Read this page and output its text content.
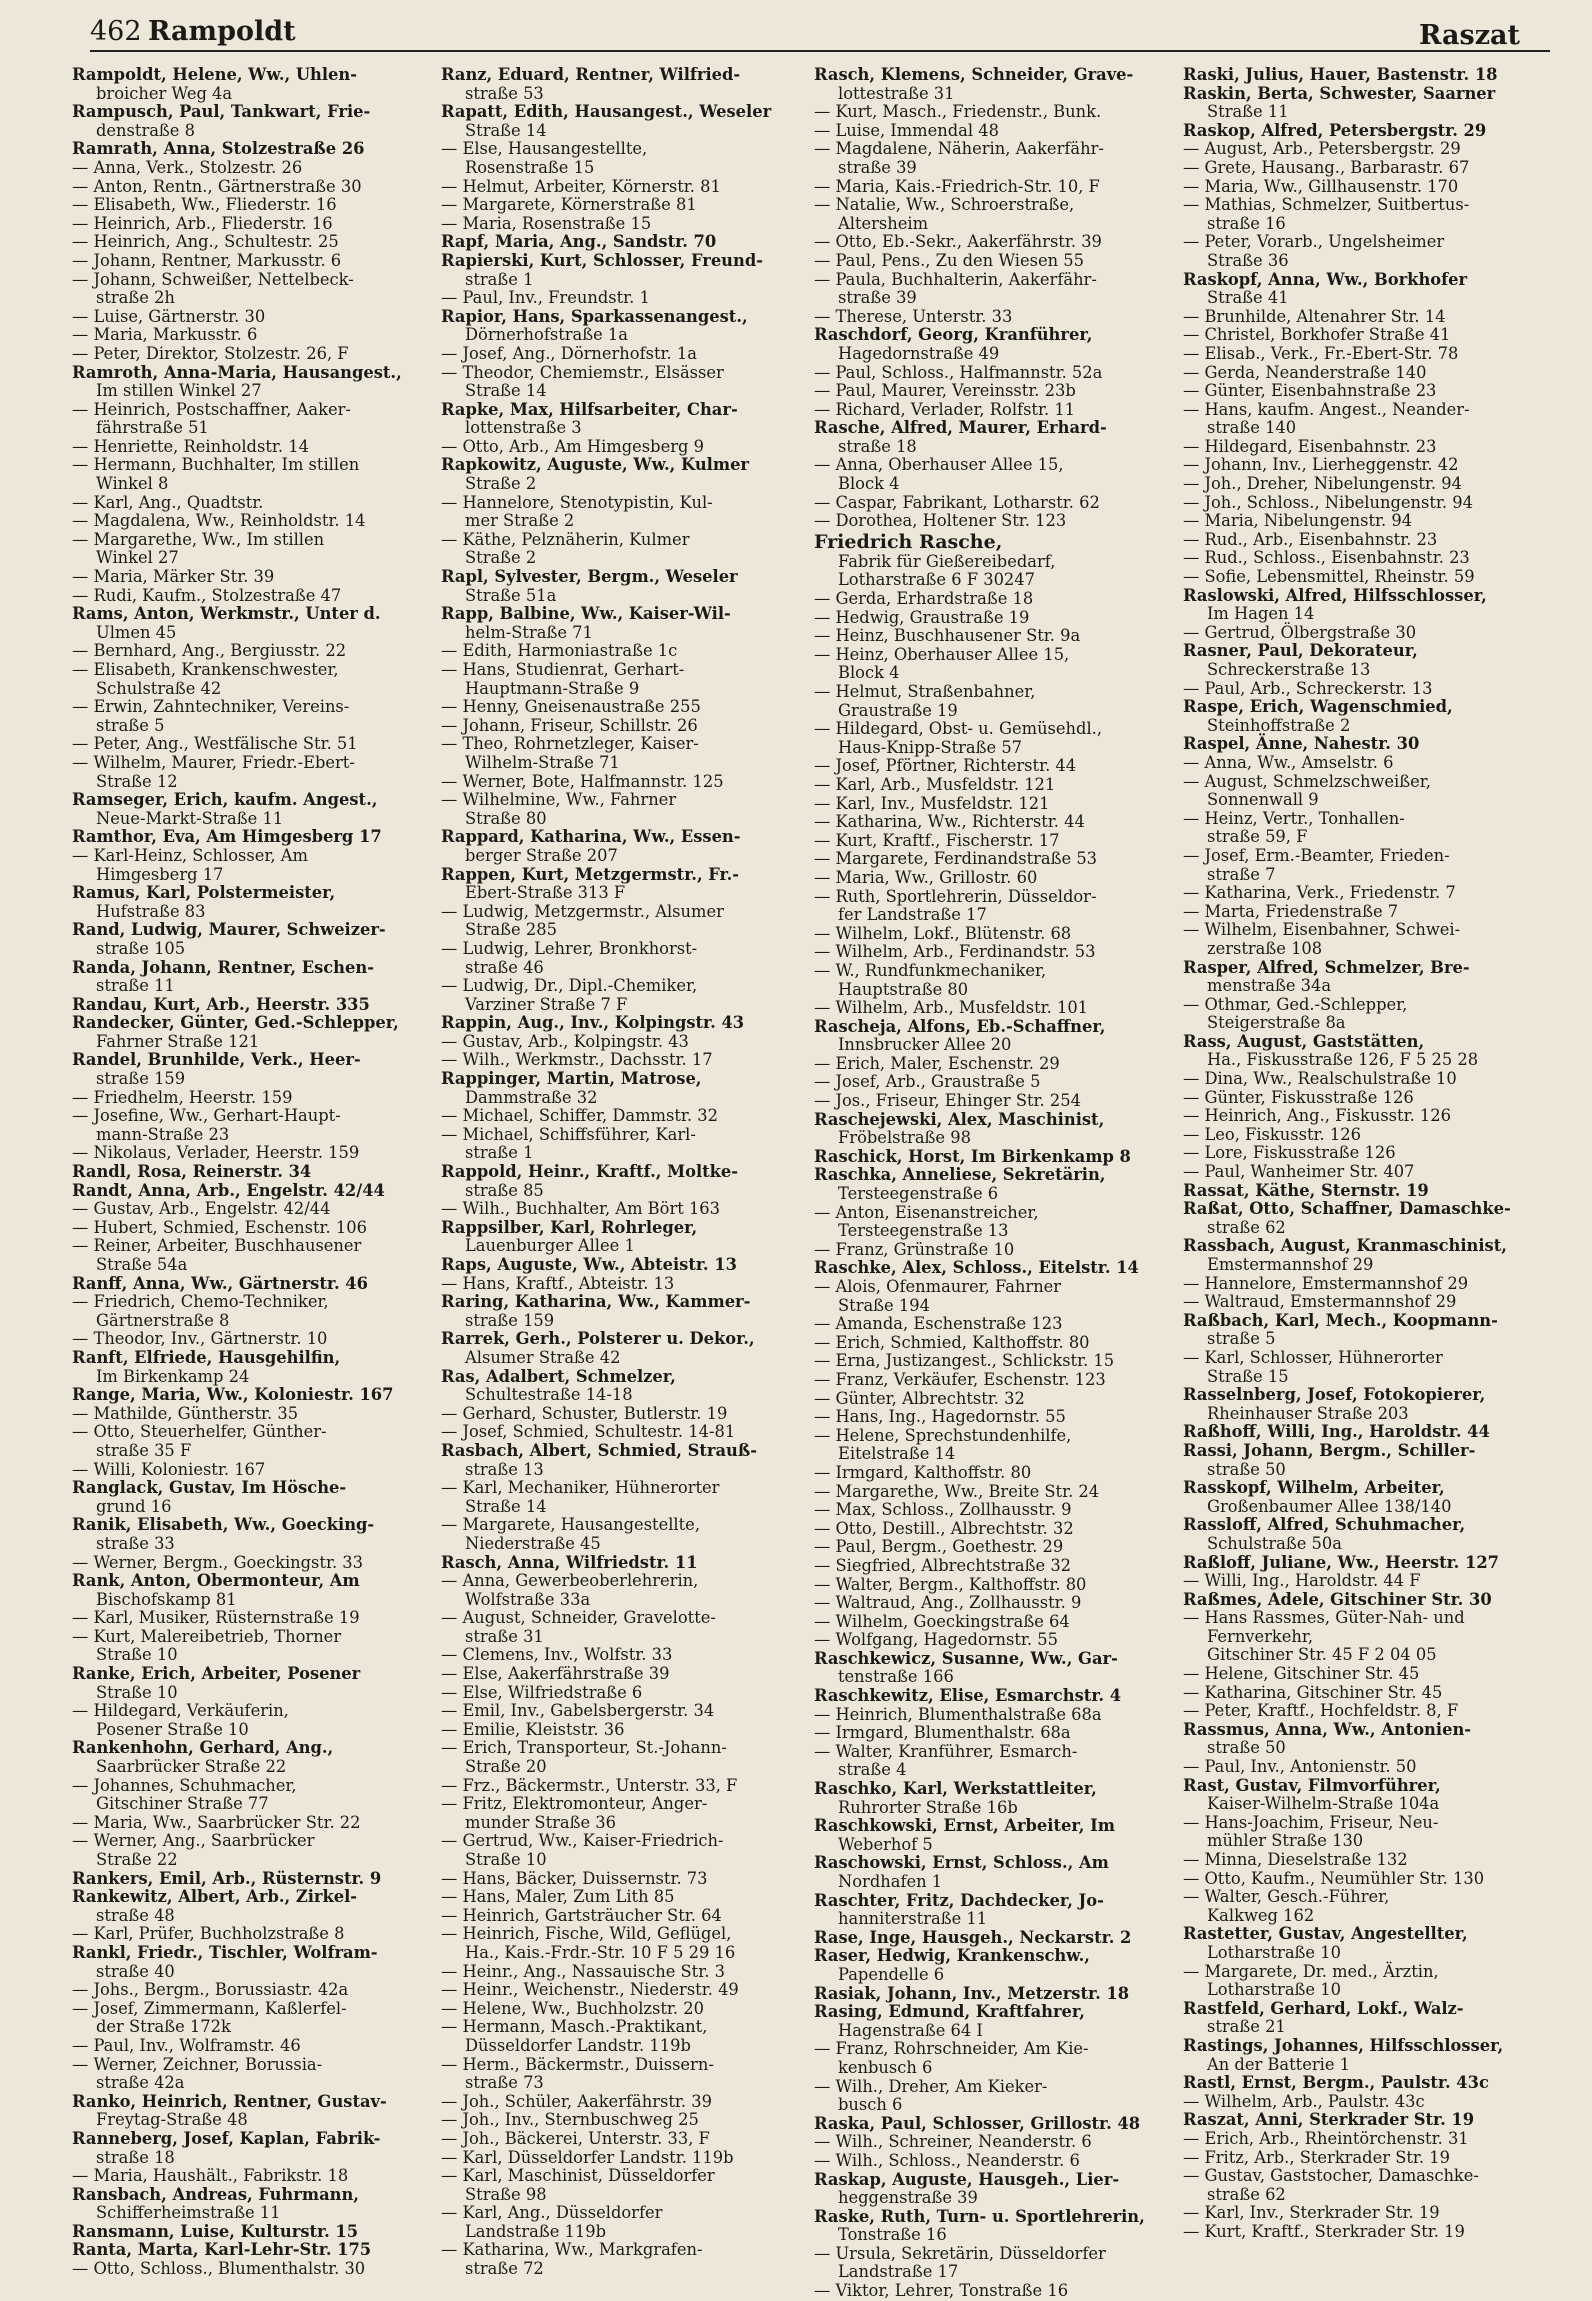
462 Rampoldt	Raszat
Rampoldt, Helene, Ww., Uhlen-
broicher Weg 4a
Rampusch, Paul, Tankwart, Frie-
denstraße 8
Ramrath, Anna, Stolzestraße 26
— Anna, Verk., Stolzestr. 26
— Anton, Rentn., Gärtnerstraße 30
— Elisabeth, Ww., Fliederstr. 16
— Heinrich, Arb., Fliederstr. 16
— Heinrich, Ang., Schultestr. 25
— Johann, Rentner, Markusstr. 6
— Johann, Schweißer, Nettelbeck-
straße 2h
— Luise, Gärtnerstr. 30
— Maria, Markusstr. 6
— Peter, Direktor, Stolzestr. 26, F
Ramroth, Anna-Maria, Hausangest.,
Im stillen Winkel 27
— Heinrich, Postschaffner, Aaker-
fährstraße 51
— Henriette, Reinholdstr. 14
— Hermann, Buchhalter, Im stillen
Winkel 8
— Karl, Ang., Quadtstr.
— Magdalena, Ww., Reinholdstr. 14
— Margarethe, Ww., Im stillen
Winkel 27
— Maria, Märker Str. 39
— Rudi, Kaufm., Stolzestraße 47
Rams, Anton, Werkmstr., Unter d.
Ulmen 45
— Bernhard, Ang., Bergiusstr. 22
— Elisabeth, Krankenschwester,
Schulstraße 42
— Erwin, Zahntechniker, Vereins-
straße 5
— Peter, Ang., Westfälische Str. 51
— Wilhelm, Maurer, Friedr.-Ebert-
Straße 12
Ramseger, Erich, kaufm. Angest.,
Neue-Markt-Straße 11
Ramthor, Eva, Am Himgesberg 17
— Karl-Heinz, Schlosser, Am
Himgesberg 17
Ramus, Karl, Polstermeister,
Hufstraße 83
Rand, Ludwig, Maurer, Schweizer-
straße 105
Randa, Johann, Rentner, Eschen-
straße 11
Randau, Kurt, Arb., Heerstr. 335
Randecker, Günter, Ged.-Schlepper,
Fahrner Straße 121
Randel, Brunhilde, Verk., Heer-
straße 159
— Friedhelm, Heerstr. 159
— Josefine, Ww., Gerhart-Haupt-
mann-Straße 23
— Nikolaus, Verlader, Heerstr. 159
Randl, Rosa, Reinerstr. 34
Randt, Anna, Arb., Engelstr. 42/44
— Gustav, Arb., Engelstr. 42/44
— Hubert, Schmied, Eschenstr. 106
— Reiner, Arbeiter, Buschhausener
Straße 54a
Ranff, Anna, Ww., Gärtnerstr. 46
— Friedrich, Chemo-Techniker,
Gärtnerstraße 8
— Theodor, Inv., Gärtnerstr. 10
Ranft, Elfriede, Hausgehilfin,
Im Birkenkamp 24
Range, Maria, Ww., Koloniestr. 167
— Mathilde, Güntherstr. 35
— Otto, Steuerhelfer, Günther-
straße 35 F
— Willi, Koloniestr. 167
Ranglack, Gustav, Im Hösche-
grund 16
Ranik, Elisabeth, Ww., Goecking-
straße 33
— Werner, Bergm., Goeckingstr. 33
Rank, Anton, Obermonteur, Am
Bischofskamp 81
— Karl, Musiker, Rüsternstraße 19
— Kurt, Malereibetrieb, Thorner
Straße 10
Ranke, Erich, Arbeiter, Posener
Straße 10
— Hildegard, Verkäuferin,
Posener Straße 10
Rankenhohn, Gerhard, Ang.,
Saarbrücker Straße 22
— Johannes, Schuhmacher,
Gitschiner Straße 77
— Maria, Ww., Saarbrücker Str. 22
— Werner, Ang., Saarbrücker
Straße 22
Rankers, Emil, Arb., Rüsternstr. 9
Rankewitz, Albert, Arb., Zirkel-
straße 48
— Karl, Prüfer, Buchholzstraße 8
Rankl, Friedr., Tischler, Wolfram-
straße 40
— Johs., Bergm., Borussiastr. 42a
— Josef, Zimmermann, Kaßlerfel-
der Straße 172k
— Paul, Inv., Wolframstr. 46
— Werner, Zeichner, Borussia-
straße 42a
Ranko, Heinrich, Rentner, Gustav-
Freytag-Straße 48
Ranneberg, Josef, Kaplan, Fabrik-
straße 18
— Maria, Haushält., Fabrikstr. 18
Ransbach, Andreas, Fuhrmann,
Schifferheimstraße 11
Ransmann, Luise, Kulturstr. 15
Ranta, Marta, Karl-Lehr-Str. 175
— Otto, Schloss., Blumenthalstr. 30
Ranz, Eduard, Rentner, Wilfried-
straße 53
Rapatt, Edith, Hausangest., Weseler
Straße 14
— Else, Hausangestellte,
Rosenstraße 15
— Helmut, Arbeiter, Körnerstr. 81
— Margarete, Körnerstraße 81
— Maria, Rosenstraße 15
Rapf, Maria, Ang., Sandstr. 70
Rapierski, Kurt, Schlosser, Freund-
straße 1
— Paul, Inv., Freundstr. 1
Rapior, Hans, Sparkassenangest.,
Dörnerhofstraße 1a
— Josef, Ang., Dörnerhofstr. 1a
— Theodor, Chemiemstr., Elsässer
Straße 14
Rapke, Max, Hilfsarbeiter, Char-
lottenstraße 3
— Otto, Arb., Am Himgesberg 9
Rapkowitz, Auguste, Ww., Kulmer
Straße 2
— Hannelore, Stenotypistin, Kul-
mer Straße 2
— Käthe, Pelznäherin, Kulmer
Straße 2
Rapl, Sylvester, Bergm., Weseler
Straße 51a
Rapp, Balbine, Ww., Kaiser-Wil-
helm-Straße 71
— Edith, Harmoniastraße 1c
— Hans, Studienrat, Gerhart-
Hauptmann-Straße 9
— Henny, Gneisenaustraße 255
— Johann, Friseur, Schillstr. 26
— Theo, Rohrnetzleger, Kaiser-
Wilhelm-Straße 71
— Werner, Bote, Halfmannstr. 125
— Wilhelmine, Ww., Fahrner
Straße 80
Rappard, Katharina, Ww., Essen-
berger Straße 207
Rappen, Kurt, Metzgermstr., Fr.-
Ebert-Straße 313 F
— Ludwig, Metzgermstr., Alsumer
Straße 285
— Ludwig, Lehrer, Bronkhorst-
straße 46
— Ludwig, Dr., Dipl.-Chemiker,
Varziner Straße 7 F
Rappin, Aug., Inv., Kolpingstr. 43
— Gustav, Arb., Kolpingstr. 43
— Wilh., Werkmstr., Dachsstr. 17
Rappinger, Martin, Matrose,
Dammstraße 32
— Michael, Schiffer, Dammstr. 32
— Michael, Schiffsführer, Karl-
straße 1
Rappold, Heinr., Kraftf., Moltke-
straße 85
— Wilh., Buchhalter, Am Bört 163
Rappsilber, Karl, Rohrleger,
Lauenburger Allee 1
Raps, Auguste, Ww., Abteistr. 13
— Hans, Kraftf., Abteistr. 13
Raring, Katharina, Ww., Kammer-
straße 159
Rarrek, Gerh., Polsterer u. Dekor.,
Alsumer Straße 42
Ras, Adalbert, Schmelzer,
Schultestraße 14-18
— Gerhard, Schuster, Butlerstr. 19
— Josef, Schmied, Schultestr. 14-81
Rasbach, Albert, Schmied, Strauß-
straße 13
— Karl, Mechaniker, Hühnerorter
Straße 14
— Margarete, Hausangestellte,
Niederstraße 45
Rasch, Anna, Wilfriedstr. 11
— Anna, Gewerbeoberlehrerin,
Wolfstraße 33a
— August, Schneider, Gravelotte-
straße 31
— Clemens, Inv., Wolfstr. 33
— Else, Aakerfährstraße 39
— Else, Wilfriedstraße 6
— Emil, Inv., Gabelsbergerstr. 34
— Emilie, Kleiststr. 36
— Erich, Transporteur, St.-Johann-
Straße 20
— Frz., Bäckermstr., Unterstr. 33, F
— Fritz, Elektromonteur, Anger-
munder Straße 36
— Gertrud, Ww., Kaiser-Friedrich-
Straße 10
— Hans, Bäcker, Duissernstr. 73
— Hans, Maler, Zum Lith 85
— Heinrich, Gartsträucher Str. 64
— Heinrich, Fische, Wild, Geflügel,
Ha., Kais.-Frdr.-Str. 10 F 5 29 16
— Heinr., Ang., Nassauische Str. 3
— Heinr., Weichenstr., Niederstr. 49
— Helene, Ww., Buchholzstr. 20
— Hermann, Masch.-Praktikant,
Düsseldorfer Landstr. 119b
— Herm., Bäckermstr., Duissern-
straße 73
— Joh., Schüler, Aakerfährstr. 39
— Joh., Inv., Sternbuschweg 25
— Joh., Bäckerei, Unterstr. 33, F
— Karl, Düsseldorfer Landstr. 119b
— Karl, Maschinist, Düsseldorfer
Straße 98
— Karl, Ang., Düsseldorfer
Landstraße 119b
— Katharina, Ww., Markgrafen-
straße 72
Rasch, Klemens, Schneider, Grave-
lottestraße 31
— Kurt, Masch., Friedenstr., Bunk.
— Luise, Immendal 48
— Magdalene, Näherin, Aakerfähr-
straße 39
— Maria, Kais.-Friedrich-Str. 10, F
— Natalie, Ww., Schroerstraße,
Altersheim
— Otto, Eb.-Sekr., Aakerfährstr. 39
— Paul, Pens., Zu den Wiesen 55
— Paula, Buchhalterin, Aakerfähr-
straße 39
— Therese, Unterstr. 33
Raschdorf, Georg, Kranführer,
Hagedornstraße 49
— Paul, Schloss., Halfmannstr. 52a
— Paul, Maurer, Vereinsstr. 23b
— Richard, Verlader, Rolfstr. 11
Rasche, Alfred, Maurer, Erhard-
straße 18
— Anna, Oberhauser Allee 15,
Block 4
— Caspar, Fabrikant, Lotharstr. 62
— Dorothea, Holtener Str. 123
Friedrich Rasche,
Fabrik für Gießereibedarf,
Lotharstraße 6 F 30247
— Gerda, Erhardstraße 18
— Hedwig, Graustraße 19
— Heinz, Buschhausener Str. 9a
— Heinz, Oberhauser Allee 15,
Block 4
— Helmut, Straßenbahner,
Graustraße 19
— Hildegard, Obst- u. Gemüsehdl.,
Haus-Knipp-Straße 57
— Josef, Pförtner, Richterstr. 44
— Karl, Arb., Musfeldstr. 121
— Karl, Inv., Musfeldstr. 121
— Katharina, Ww., Richterstr. 44
— Kurt, Kraftf., Fischerstr. 17
— Margarete, Ferdinandstraße 53
— Maria, Ww., Grillostr. 60
— Ruth, Sportlehrerin, Düsseldor-
fer Landstraße 17
— Wilhelm, Lokf., Blütenstr. 68
— Wilhelm, Arb., Ferdinandstr. 53
— W., Rundfunkmechaniker,
Hauptstraße 80
— Wilhelm, Arb., Musfeldstr. 101
Rascheja, Alfons, Eb.-Schaffner,
Innsbrucker Allee 20
— Erich, Maler, Eschenstr. 29
— Josef, Arb., Graustraße 5
— Jos., Friseur, Ehinger Str. 254
Raschejewski, Alex, Maschinist,
Fröbelstraße 98
Raschick, Horst, Im Birkenkamp 8
Raschka, Anneliese, Sekretärin,
Tersteegenstraße 6
— Anton, Eisenanstreicher,
Tersteegenstraße 13
— Franz, Grünstraße 10
Raschke, Alex, Schloss., Eitelstr. 14
— Alois, Ofenmaurer, Fahrner
Straße 194
— Amanda, Eschenstraße 123
— Erich, Schmied, Kalthoffstr. 80
— Erna, Justizangest., Schlickstr. 15
— Franz, Verkäufer, Eschenstr. 123
— Günter, Albrechtstr. 32
— Hans, Ing., Hagedornstr. 55
— Helene, Sprechstundenhilfe,
Eitelstraße 14
— Irmgard, Kalthoffstr. 80
— Margarethe, Ww., Breite Str. 24
— Max, Schloss., Zollhausstr. 9
— Otto, Destill., Albrechtstr. 32
— Paul, Bergm., Goethestr. 29
— Siegfried, Albrechtstraße 32
— Walter, Bergm., Kalthoffstr. 80
— Waltraud, Ang., Zollhausstr. 9
— Wilhelm, Goeckingstraße 64
— Wolfgang, Hagedornstr. 55
Raschkewicz, Susanne, Ww., Gar-
tenstraße 166
Raschkewitz, Elise, Esmarchstr. 4
— Heinrich, Blumenthalstraße 68a
— Irmgard, Blumenthalstr. 68a
— Walter, Kranführer, Esmarch-
straße 4
Raschko, Karl, Werkstattleiter,
Ruhrorter Straße 16b
Raschkowski, Ernst, Arbeiter, Im
Weberhof 5
Raschowski, Ernst, Schloss., Am
Nordhafen 1
Raschter, Fritz, Dachdecker, Jo-
hanniterstraße 11
Rase, Inge, Hausgeh., Neckarstr. 2
Raser, Hedwig, Krankenschw.,
Papendelle 6
Rasiak, Johann, Inv., Metzerstr. 18
Rasing, Edmund, Kraftfahrer,
Hagenstraße 64 I
— Franz, Rohrschneider, Am Kie-
kenbusch 6
— Wilh., Dreher, Am Kieker-
busch 6
Raska, Paul, Schlosser, Grillostr. 48
— Wilh., Schreiner, Neanderstr. 6
— Wilh., Schloss., Neanderstr. 6
Raskap, Auguste, Hausgeh., Lier-
heggenstraße 39
Raske, Ruth, Turn- u. Sportlehrerin,
Tonstraße 16
— Ursula, Sekretärin, Düsseldorfer
Landstraße 17
— Viktor, Lehrer, Tonstraße 16
Raski, Julius, Hauer, Bastenstr. 18
Raskin, Berta, Schwester, Saarner
Straße 11
Raskop, Alfred, Petersbergstr. 29
— August, Arb., Petersbergstr. 29
— Grete, Hausang., Barbarastr. 67
— Maria, Ww., Gillhausenstr. 170
— Mathias, Schmelzer, Suitbertus-
straße 16
— Peter, Vorarb., Ungelsheimer
Straße 36
Raskopf, Anna, Ww., Borkhofer
Straße 41
— Brunhilde, Altenahrer Str. 14
— Christel, Borkhofer Straße 41
— Elisab., Verk., Fr.-Ebert-Str. 78
— Gerda, Neanderstraße 140
— Günter, Eisenbahnstraße 23
— Hans, kaufm. Angest., Neander-
straße 140
— Hildegard, Eisenbahnstr. 23
— Johann, Inv., Lierheggenstr. 42
— Joh., Dreher, Nibelungenstr. 94
— Joh., Schloss., Nibelungenstr. 94
— Maria, Nibelungenstr. 94
— Rud., Arb., Eisenbahnstr. 23
— Rud., Schloss., Eisenbahnstr. 23
— Sofie, Lebensmittel, Rheinstr. 59
Raslowski, Alfred, Hilfsschlosser,
Im Hagen 14
— Gertrud, Ölbergstraße 30
Rasner, Paul, Dekorateur,
Schreckerstraße 13
— Paul, Arb., Schreckerstr. 13
Raspe, Erich, Wagenschmied,
Steinhoffstraße 2
Raspel, Änne, Nahestr. 30
— Anna, Ww., Amselstr. 6
— August, Schmelzschweißer,
Sonnenwall 9
— Heinz, Vertr., Tonhallen-
straße 59, F
— Josef, Erm.-Beamter, Frieden-
straße 7
— Katharina, Verk., Friedenstr. 7
— Marta, Friedenstraße 7
— Wilhelm, Eisenbahner, Schwei-
zerstraße 108
Rasper, Alfred, Schmelzer, Bre-
menstraße 34a
— Othmar, Ged.-Schlepper,
Steigerstraße 8a
Rass, August, Gaststätten,
Ha., Fiskusstraße 126, F 5 25 28
— Dina, Ww., Realschulstraße 10
— Günter, Fiskusstraße 126
— Heinrich, Ang., Fiskusstr. 126
— Leo, Fiskusstr. 126
— Lore, Fiskusstraße 126
— Paul, Wanheimer Str. 407
Rassat, Käthe, Sternstr. 19
Raßat, Otto, Schaffner, Damaschke-
straße 62
Rassbach, August, Kranmaschinist,
Emstermannshof 29
— Hannelore, Emstermannshof 29
— Waltraud, Emstermannshof 29
Raßbach, Karl, Mech., Koopmann-
straße 5
— Karl, Schlosser, Hühnerorter
Straße 15
Rasselnberg, Josef, Fotokopierer,
Rheinhauser Straße 203
Raßhoff, Willi, Ing., Haroldstr. 44
Rassi, Johann, Bergm., Schiller-
straße 50
Rasskopf, Wilhelm, Arbeiter,
Großenbaumer Allee 138/140
Rassloff, Alfred, Schuhmacher,
Schulstraße 50a
Raßloff, Juliane, Ww., Heerstr. 127
— Willi, Ing., Haroldstr. 44 F
Raßmes, Adele, Gitschiner Str. 30
— Hans Rassmes, Güter-Nah- und
Fernverkehr,
Gitschiner Str. 45 F 2 04 05
— Helene, Gitschiner Str. 45
— Katharina, Gitschiner Str. 45
— Peter, Kraftf., Hochfeldstr. 8, F
Rassmus, Anna, Ww., Antonien-
straße 50
— Paul, Inv., Antonienstr. 50
Rast, Gustav, Filmvorführer,
Kaiser-Wilhelm-Straße 104a
— Hans-Joachim, Friseur, Neu-
mühler Straße 130
— Minna, Dieselstraße 132
— Otto, Kaufm., Neumühler Str. 130
— Walter, Gesch.-Führer,
Kalkweg 162
Rastetter, Gustav, Angestellter,
Lotharstraße 10
— Margarete, Dr. med., Ärztin,
Lotharstraße 10
Rastfeld, Gerhard, Lokf., Walz-
straße 21
Rastings, Johannes, Hilfsschlosser,
An der Batterie 1
Rastl, Ernst, Bergm., Paulstr. 43c
— Wilhelm, Arb., Paulstr. 43c
Raszat, Anni, Sterkrader Str. 19
— Erich, Arb., Rheintörchenstr. 31
— Fritz, Arb., Sterkrader Str. 19
— Gustav, Gaststocher, Damaschke-
straße 62
— Karl, Inv., Sterkrader Str. 19
— Kurt, Kraftf., Sterkrader Str. 19
